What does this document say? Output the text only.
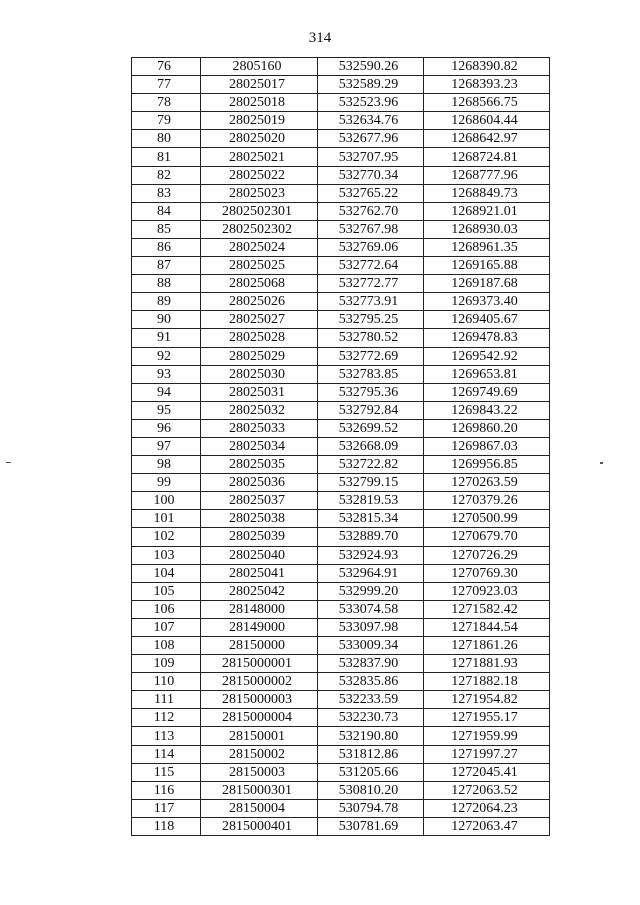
314
76	2805160	532590.26	1268390.82
77	28025017	532589.29	1268393.23
78	28025018	532523.96	1268566.75
79	28025019	532634.76	1268604.44
80	28025020	532677.96	1268642.97
81	28025021	532707.95	1268724.81
82	28025022	532770.34	1268777.96
83	28025023	532765.22	1268849.73
84	2802502301	532762.70	1268921.01
85	2802502302	532767.98	1268930.03
86	28025024	532769.06	1268961.35
87	28025025	532772.64	1269165.88
88	28025068	532772.77	1269187.68
89	28025026	532773.91	1269373.40
90	28025027	532795.25	1269405.67
91	28025028	532780.52	1269478.83
92	28025029	532772.69	1269542.92
93	28025030	532783.85	1269653.81
94	28025031	532795.36	1269749.69
95	28025032	532792.84	1269843.22
96	28025033	532699.52	1269860.20
97	28025034	532668.09	1269867.03
98	28025035	532722.82	1269956.85
99	28025036	532799.15	1270263.59
100	28025037	532819.53	1270379.26
101	28025038	532815.34	1270500.99
102	28025039	532889.70	1270679.70
103	28025040	532924.93	1270726.29
104	28025041	532964.91	1270769.30
105	28025042	532999.20	1270923.03
106	28148000	533074.58	1271582.42
107	28149000	533097.98	1271844.54
108	28150000	533009.34	1271861.26
109	2815000001	532837.90	1271881.93
110	2815000002	532835.86	1271882.18
111	2815000003	532233.59	1271954.82
112	2815000004	532230.73	1271955.17
113	28150001	532190.80	1271959.99
114	28150002	531812.86	1271997.27
115	28150003	531205.66	1272045.41
116	2815000301	530810.20	1272063.52
117	28150004	530794.78	1272064.23
118	2815000401	530781.69	1272063.47
